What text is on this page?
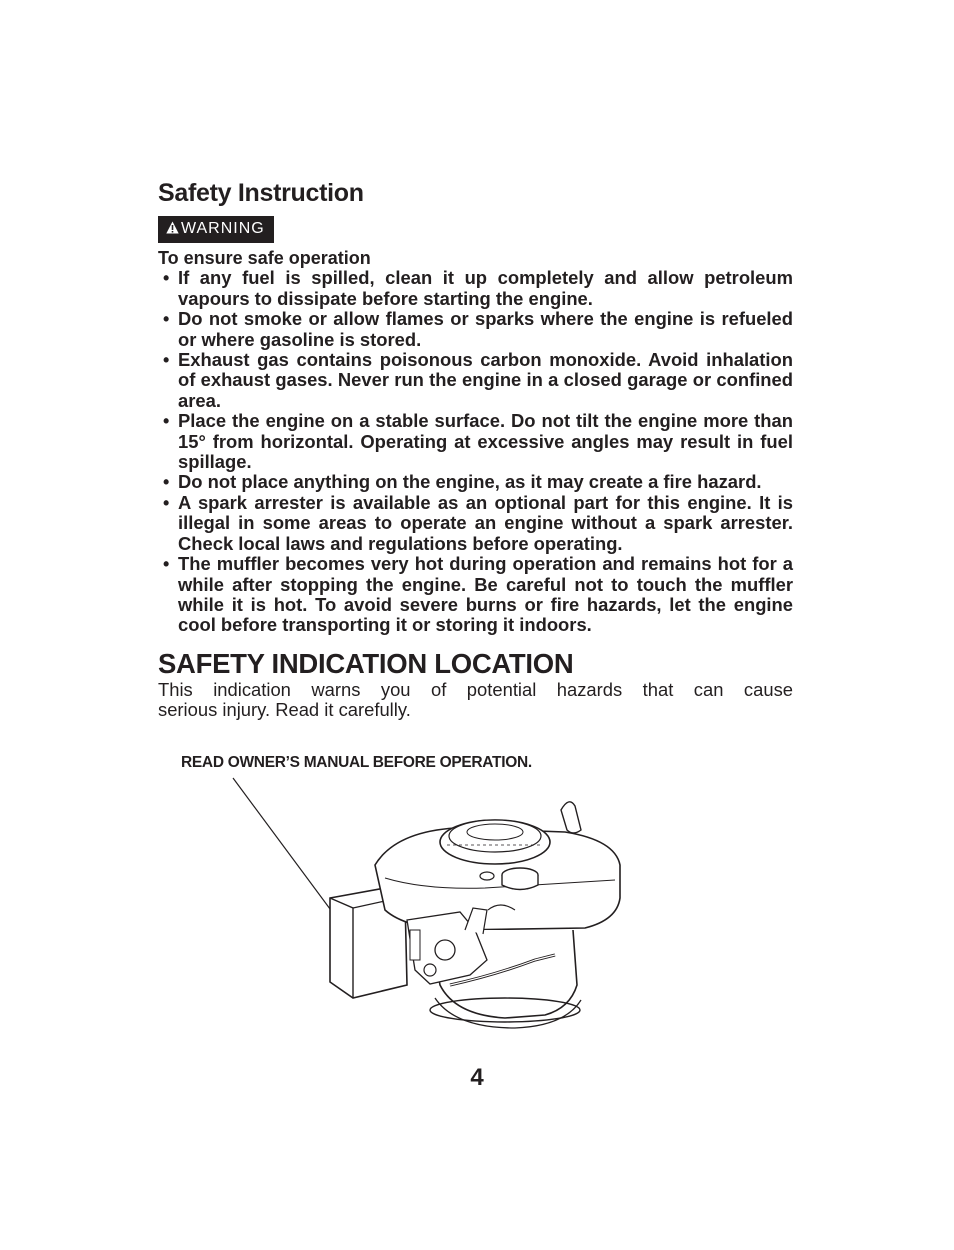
Safety Instruction
WARNING

To ensure safe operation

• If any fuel is spilled, clean it up completely and allow petroleum vapours to dissipate before starting the engine.
• Do not smoke or allow flames or sparks where the engine is refueled or where gasoline is stored.
• Exhaust gas contains poisonous carbon monoxide. Avoid inhalation of exhaust gases. Never run the engine in a closed garage or confined area.
• Place the engine on a stable surface. Do not tilt the engine more than 15° from horizontal. Operating at excessive angles may result in fuel spillage.
• Do not place anything on the engine, as it may create a fire hazard.
• A spark arrester is available as an optional part for this engine. It is illegal in some areas to operate an engine without a spark arrester. Check local laws and regulations before operating.
• The muffler becomes very hot during operation and remains hot for a while after stopping the engine. Be careful not to touch the muffler while it is hot. To avoid severe burns or fire hazards, let the engine cool before transporting it or storing it indoors.
SAFETY INDICATION LOCATION

This indication warns you of potential hazards that can cause

serious injury. Read it carefully.

READ OWNER’S MANUAL BEFORE OPERATION.
4
